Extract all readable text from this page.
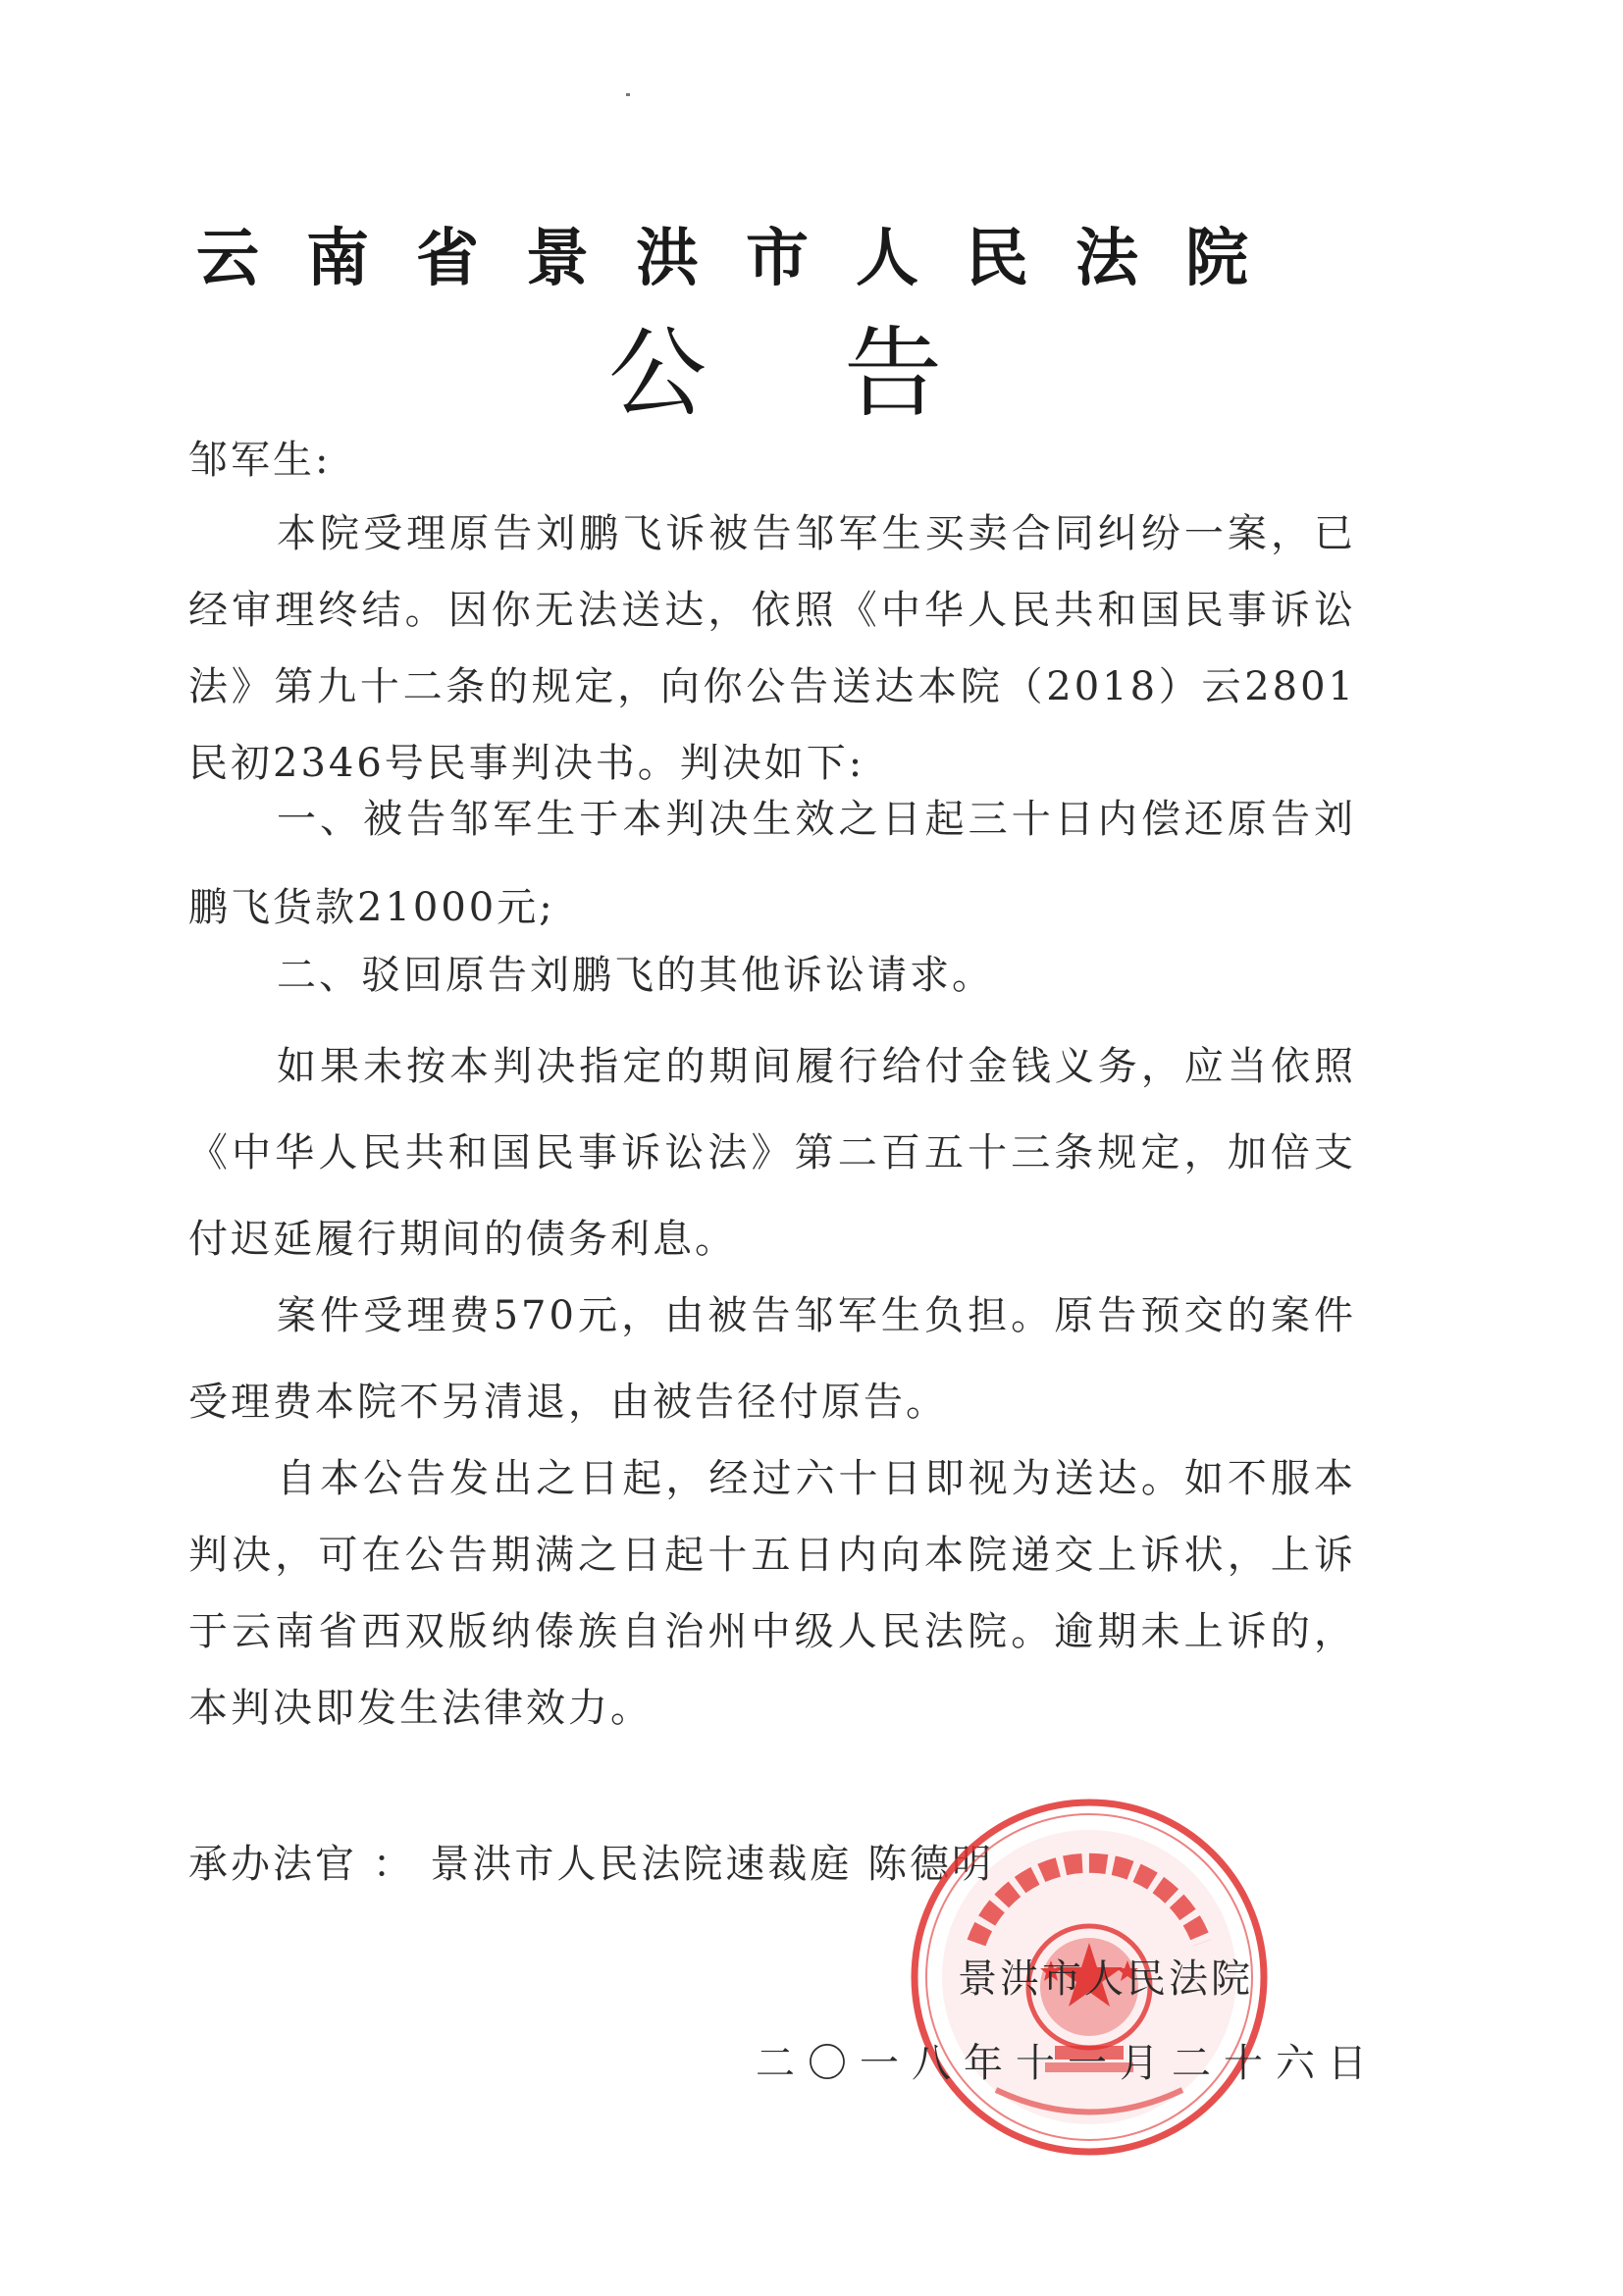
云南省景洪市人民法院
公告

邹军生:

本院受理原告刘鹏飞诉被告邹军生买卖合同纠纷一案，已经审理终结。因你无法送达，依照《中华人民共和国民事诉讼法》第九十二条的规定，向你公告送达本院（2018）云2801民初2346号民事判决书。判决如下:

一、被告邹军生于本判决生效之日起三十日内偿还原告刘鹏飞货款21000元;

二、驳回原告刘鹏飞的其他诉讼请求。

如果未按本判决指定的期间履行给付金钱义务，应当依照《中华人民共和国民事诉讼法》第二百五十三条规定，加倍支付迟延履行期间的债务利息。

案件受理费570元，由被告邹军生负担。原告预交的案件受理费本院不另清退，由被告径付原告。

自本公告发出之日起，经过六十日即视为送达。如不服本判决，可在公告期满之日起十五日内向本院递交上诉状，上诉于云南省西双版纳傣族自治州中级人民法院。逾期未上诉的，本判决即发生法律效力。

承办法官 ： 景洪市人民法院速裁庭 陈德明
景洪市人民法院
二〇一八年十一月二十六日
